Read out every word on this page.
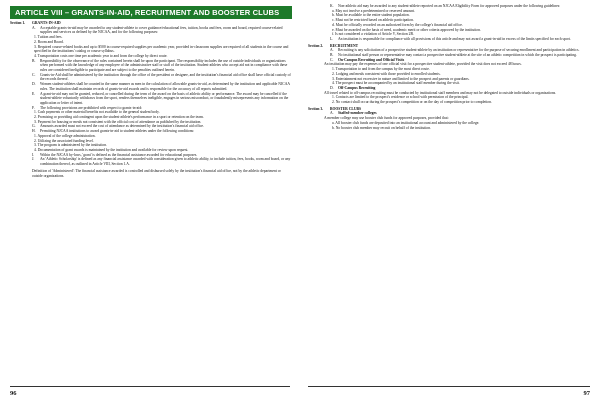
ARTICLE VIII – GRANTS-IN-AID, RECRUITMENT AND BOOSTER CLUBS
Section 1.	GRANTS-IN-AID
A.	Acceptable grants-in-aid may be awarded to any student-athlete to cover guidance/educational fees, tuition, books and fees, room and board, required course-related supplies and services as defined by the NJCAA, and for the following purposes:
1. Tuition and fees.
2. Room and Board.
3. Required course-related books and up to $500 in course-required supplies per academic year, provided in-classroom supplies are required of all students in the course and specified in the institutions' catalog or course syllabus.
4. Transportation costs one time per academic year to and from the college by direct route.
B.	Responsibility for the observance of the rules contained herein shall be upon the participant. The responsibility includes the use of outside individuals or organizations when performed with the knowledge of any employee of the administrative staff or staff of the institution. Student-athletes who accept aid not in compliance with these rules are considered ineligible to participate and are subject to the penalties outlined herein.
C.	Grants-in-Aid shall be administered by the institution through the office of the president or designee, and the institution's financial aid office shall have official custody of the records thereof.
D.	Women student-athletes shall be counted in the same manner as men in the calculation of allowable grants-in-aid, as determined by the institution and applicable NJCAA rules. The institution shall maintain records of grants-in-aid awards and is responsible for the accuracy of all reports submitted.
E.	A grant-in-aid may not be granted, reduced, or cancelled during the term of the award on the basis of athletic ability or performance. The award may be cancelled if the student-athlete voluntarily withdraws from the sport, renders themselves ineligible, engages in serious misconduct, or fraudulently misrepresents any information on the application or letter of intent.
F.	The following provisions are prohibited with respect to grants-in-aid:
1. Cash payments or other material benefits not available to the general student body.
2. Promising or providing aid contingent upon the student-athlete's performance in a sport or retention on the team.
3. Payment for housing or meals not consistent with the official cost of attendance as published by the institution.
G.	Amounts awarded must not exceed the cost of attendance as determined by the institution's financial aid office.
H.	Permitting NJCAA institutions to award grants-in-aid to student-athletes under the following conditions:
1. Approval of the college administration.
2. Utilizing the associated funding level.
3. The program is administered by the institution.
4. Documentation of grant awards is maintained by the institution and available for review upon request.
I.	Within the NJCAA by-laws, 'grant' is defined as the financial assistance awarded for educational purposes.
J.	An 'Athletic Scholarship' is defined as any financial assistance awarded with consideration given to athletic ability, to include tuition, fees, books, room and board, or any combination thereof, as outlined in Article VIII, Section 1.A.
Definition of 'Administered': The financial assistance awarded is controlled and disbursed solely by the institution's financial aid office, not by the athletic department or outside organizations.
96
K.	Non-athletic aid may be awarded to any student-athlete reported on an NJCAA Eligibility Form for approved purposes under the following guidelines:
a. May not involve a predetermined or reserved amount.
b. Must be available to the entire student population.
c. Must not be restricted based on athletic participation.
d. Must be officially recorded on an authorized form by the college's financial aid office.
e. Must be awarded on the basis of need, academic merit or other criteria approved by the institution.
f. Is not considered a violation of Article V, Section 2B.
L.	An institution is responsible for compliance with all provisions of this article and may not award a grant-in-aid in excess of the limits specified for each sport.
Section 2.	RECRUITMENT
A.	Recruiting is any solicitation of a prospective student-athlete by an institution or representative for the purpose of securing enrollment and participation in athletics.
B.	No institutional staff person or representative may contact a prospective student-athlete at the site of an athletic competition in which the prospect is participating.
C.	On-Campus Recruiting and Official Visits
An institution may pay the expenses of one official visit for a prospective student-athlete, provided the visit does not exceed 48 hours.
1. Transportation to and from the campus by the most direct route.
2. Lodging and meals consistent with those provided to enrolled students.
3. Entertainment not excessive in nature and limited to the prospect and parents or guardians.
4. The prospect must be accompanied by an institutional staff member during the visit.
D.	Off-Campus Recruiting
All travel related to off-campus recruiting must be conducted by institutional staff members and may not be delegated to outside individuals or organizations.
1. Contacts are limited to the prospect's residence or school with permission of the principal.
2. No contact shall occur during the prospect's competition or on the day of competition prior to completion.
Section 3.	BOOSTER CLUBS
A.	Staffed-member colleges
A member college may use booster club funds for approved purposes, provided that:
a. All booster club funds are deposited into an institutional account and administered by the college.
b. No booster club member may recruit on behalf of the institution.
97
